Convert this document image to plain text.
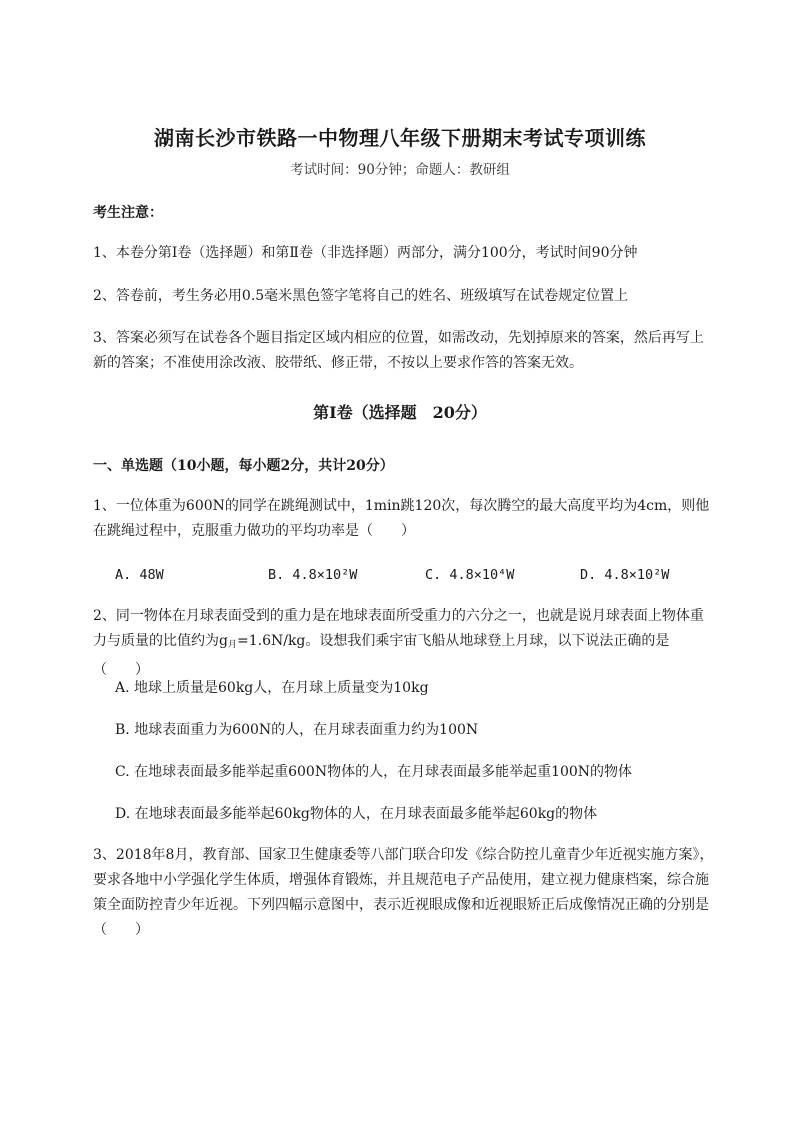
湖南长沙市铁路一中物理八年级下册期末考试专项训练
考试时间：90分钟；命题人：教研组
考生注意：
1、本卷分第I卷（选择题）和第Ⅱ卷（非选择题）两部分，满分100分，考试时间90分钟
2、答卷前，考生务必用0.5毫米黑色签字笔将自己的姓名、班级填写在试卷规定位置上
3、答案必须写在试卷各个题目指定区域内相应的位置，如需改动，先划掉原来的答案，然后再写上新的答案；不准使用涂改液、胶带纸、修正带，不按以上要求作答的答案无效。
第I卷（选择题　20分）
一、单选题（10小题，每小题2分，共计20分）
1、一位体重为600N的同学在跳绳测试中，1min跳120次，每次腾空的最大高度平均为4cm，则他在跳绳过程中，克服重力做功的平均功率是（　　）
A. 48W	B. 4.8×10²W	C. 4.8×10⁴W	D. 4.8×10²W
2、同一物体在月球表面受到的重力是在地球表面所受重力的六分之一，也就是说月球表面上物体重力与质量的比值约为$g_月=1.6N/kg$。设想我们乘宇宙飞船从地球登上月球，以下说法正确的是（　　）
A. 地球上质量是60kg人，在月球上质量变为10kg
B. 地球表面重力为600N的人，在月球表面重力约为100N
C. 在地球表面最多能举起重600N物体的人，在月球表面最多能举起重100N的物体
D. 在地球表面最多能举起60kg物体的人，在月球表面最多能举起60kg的物体
3、2018年8月，教育部、国家卫生健康委等八部门联合印发《综合防控儿童青少年近视实施方案》，要求各地中小学强化学生体质，增强体育锻炼，并且规范电子产品使用，建立视力健康档案，综合施策全面防控青少年近视。下列四幅示意图中，表示近视眼成像和近视眼矫正后成像情况正确的分别是（　　）
